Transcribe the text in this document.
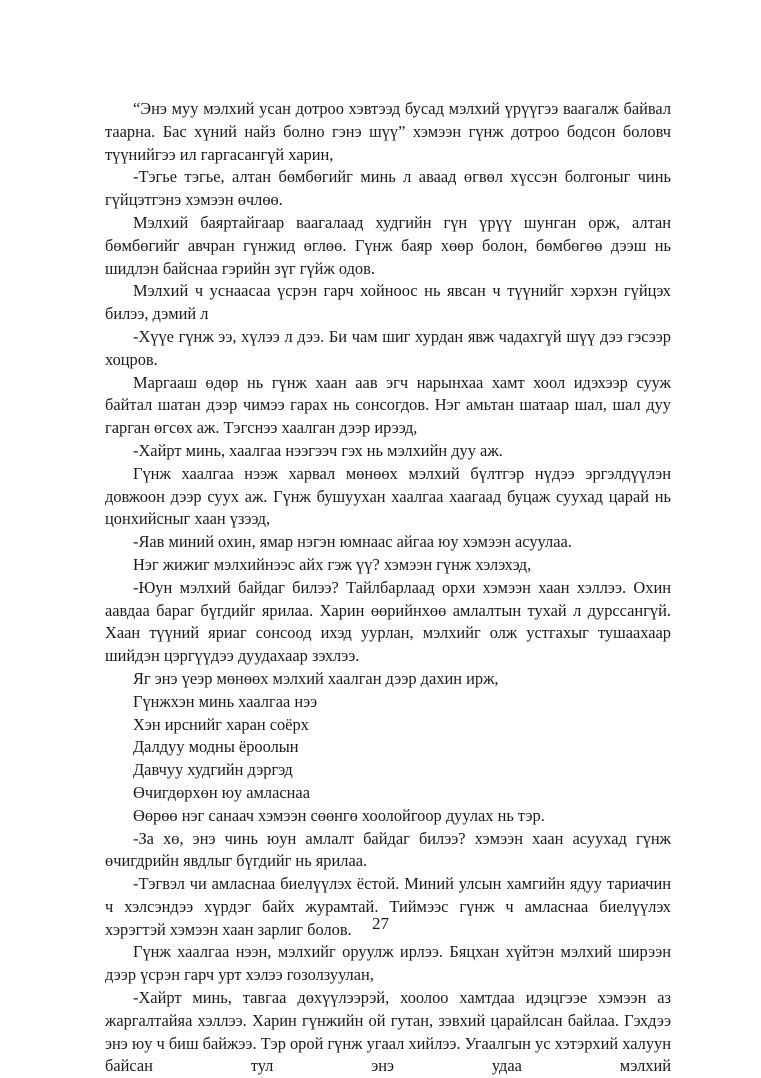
“Энэ муу мэлхий усан дотроо хэвтээд бусад мэлхий үрүүгээ ваагалж байвал таарна. Бас хүний найз болно гэнэ шүү” хэмээн гүнж дотроо бодсон боловч түүнийгээ ил гаргасангүй харин,

-Тэгье тэгье, алтан бөмбөгийг минь л аваад өгвөл хүссэн болгоныг чинь гүйцэтгэнэ хэмээн өчлөө.

Мэлхий баяртайгаар ваагалаад худгийн гүн үрүү шунган орж, алтан бөмбөгийг авчран гүнжид өглөө. Гүнж баяр хөөр болон, бөмбөгөө дээш нь шидлэн байснаа гэрийн зүг гүйж одов.

Мэлхий ч уснаасаа үсрэн гарч хойноос нь явсан ч түүнийг хэрхэн гүйцэх билээ, дэмий л

-Хүүе гүнж ээ, хүлээ л дээ. Би чам шиг хурдан явж чадахгүй шүү дээ гэсээр хоцров.

Маргааш өдөр нь гүнж хаан аав эгч нарынхаа хамт хоол идэхээр сууж байтал шатан дээр чимээ гарах нь сонсогдов. Нэг амьтан шатаар шал, шал дуу гарган өгсөх аж. Тэгснээ хаалган дээр ирээд,

-Хайрт минь, хаалгаа нээгээч гэх нь мэлхийн дуу аж.

Гүнж хаалгаа нээж харвал мөнөөх мэлхий бүлтгэр нүдээ эргэлдүүлэн довжоон дээр суух аж. Гүнж бушуухан хаалгаа хаагаад буцаж суухад царай нь цонхийсныг хаан үзээд,

-Яав миний охин, ямар нэгэн юмнаас айгаа юу хэмээн асуулаа.

Нэг жижиг мэлхийнээс айх гэж үү? хэмээн гүнж хэлэхэд,

-Юун мэлхий байдаг билээ? Тайлбарлаад орхи хэмээн хаан хэллээ. Охин аавдаа бараг бүгдийг ярилаа. Харин өөрийнхөө амлалтын тухай л дурссангүй. Хаан түүний яриаг сонсоод ихэд уурлан, мэлхийг олж устгахыг тушаахаар шийдэн цэргүүдээ дуудахаар зэхлээ.

Яг энэ үеэр мөнөөх мэлхий хаалган дээр дахин ирж,

Гүнжхэн минь хаалгаа нээ

Хэн ирснийг харан соёрх

Далдуу модны ёроолын

Давчуу худгийн дэргэд

Өчигдөрхөн юу амласнаа

Өөрөө нэг санаач хэмээн сөөнгө хоолойгоор дуулах нь тэр.

-За хө, энэ чинь юун амлалт байдаг билээ? хэмээн хаан асуухад гүнж өчигдрийн явдлыг бүгдийг нь ярилаа.

-Тэгвэл чи амласнаа биелүүлэх ёстой. Миний улсын хамгийн ядуу тариачин ч хэлсэндээ хүрдэг байх журамтай. Тиймээс гүнж ч амласнаа биелүүлэх хэрэгтэй хэмээн хаан зарлиг болов.

Гүнж хаалгаа нээн, мэлхийг оруулж ирлээ. Бяцхан хүйтэн мэлхий ширээн дээр үсрэн гарч урт хэлээ гозолзуулан,

-Хайрт минь, тавгаа дөхүүлээрэй, хоолоо хамтдаа идэцгээе хэмээн аз жаргалтайяа хэллээ. Харин гүнжийн ой гутан, зэвхий царайлсан байлаа. Гэхдээ энэ юу ч биш байжээ. Тэр орой гүнж угаал хийлээ. Угаалгын ус хэтэрхий халуун байсан тул энэ удаа мэлхий

27
